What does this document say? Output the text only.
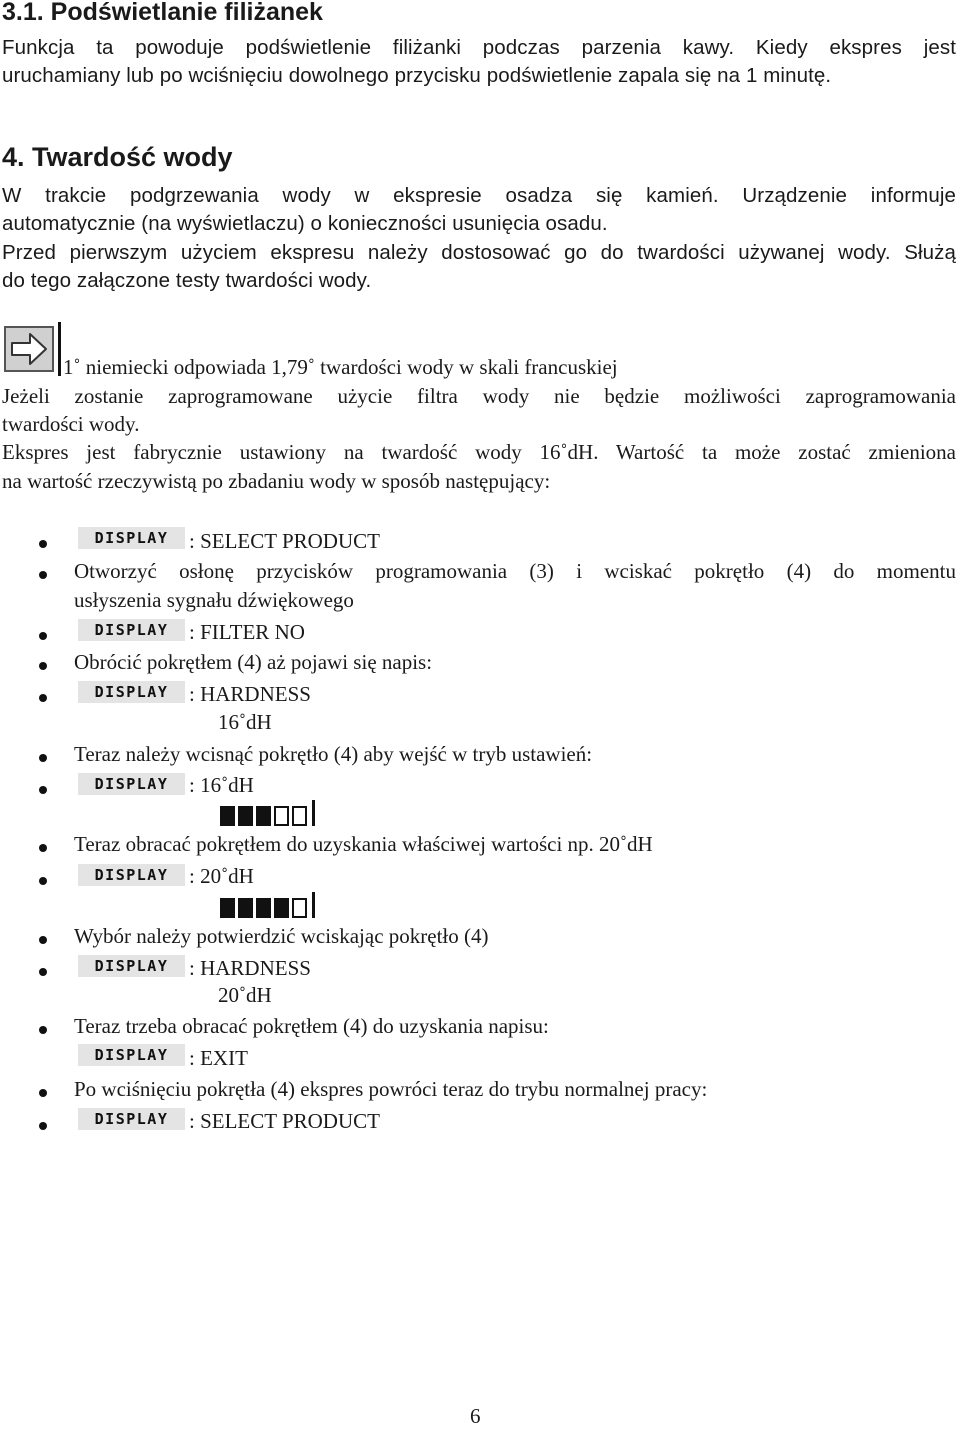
3.1. Podświetlanie filiżanek
Funkcja ta powoduje podświetlenie filiżanki podczas parzenia kawy. Kiedy ekspres jest
uruchamiany lub po wciśnięciu dowolnego przycisku podświetlenie zapala się na 1 minutę.
4. Twardość wody
W trakcie podgrzewania wody w ekspresie osadza się kamień. Urządzenie informuje
automatycznie (na wyświetlaczu) o konieczności usunięcia osadu.
Przed pierwszym użyciem ekspresu należy dostosować go do twardości używanej wody. Służą
do tego załączone testy twardości wody.
1˚ niemiecki odpowiada 1,79˚ twardości wody w skali francuskiej
Jeżeli zostanie zaprogramowane użycie filtra wody nie będzie możliwości zaprogramowania
twardości wody.
Ekspres jest fabrycznie ustawiony na twardość wody 16˚dH. Wartość ta może zostać zmieniona
na wartość rzeczywistą po zbadaniu wody w sposób następujący:
DISPLAY : SELECT PRODUCT
Otworzyć osłonę przycisków programowania (3) i wciskać pokrętło (4) do momentu
usłyszenia sygnału dźwiękowego
DISPLAY : FILTER NO
Obrócić pokrętłem (4) aż pojawi się napis:
DISPLAY : HARDNESS
16˚dH
Teraz należy wcisnąć pokrętło (4) aby wejść w tryb ustawień:
DISPLAY : 16˚dH
Teraz obracać pokrętłem do uzyskania właściwej wartości np. 20˚dH
DISPLAY : 20˚dH
Wybór należy potwierdzić wciskając pokrętło (4)
DISPLAY : HARDNESS
20˚dH
Teraz trzeba obracać pokrętłem (4) do uzyskania napisu:
DISPLAY : EXIT
Po wciśnięciu pokrętła (4) ekspres powróci teraz do trybu normalnej pracy:
DISPLAY : SELECT PRODUCT
6
